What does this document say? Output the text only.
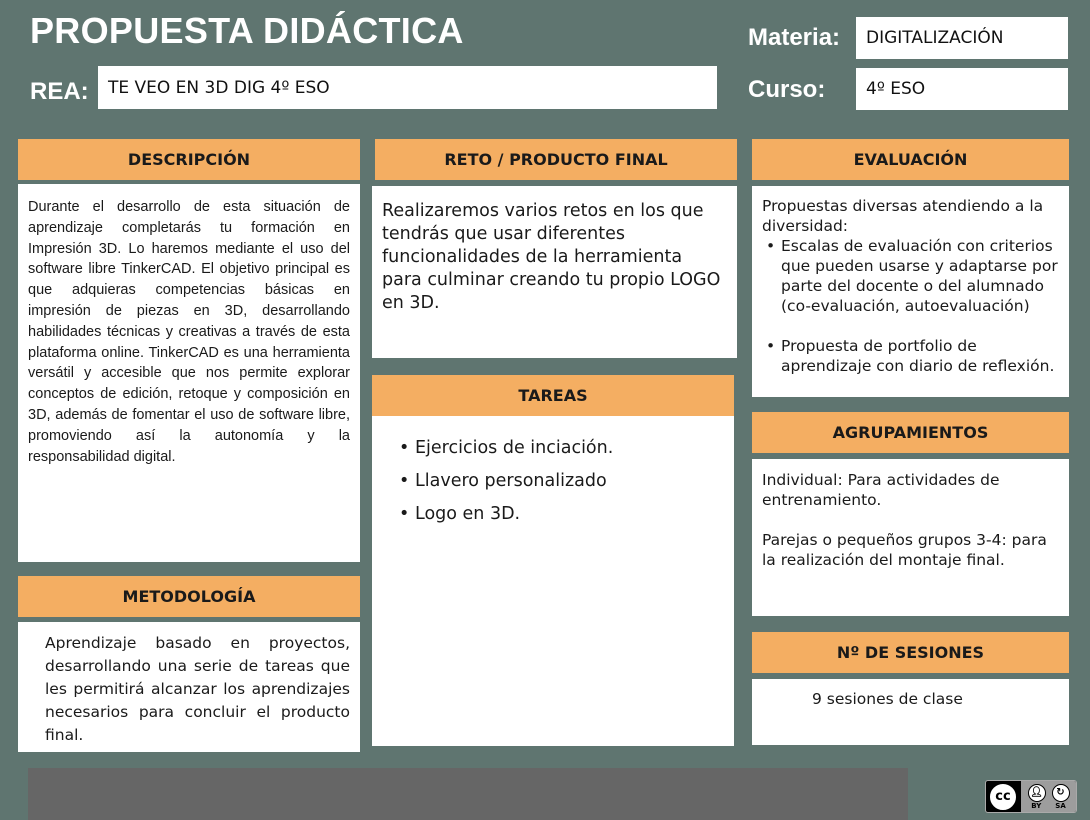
PROPUESTA DIDÁCTICA	Materia:	DIGITALIZACIÓN
REA:	TE VEO EN 3D DIG 4º ESO	Curso:	4º ESO
DESCRIPCIÓN
Durante el desarrollo de esta situación de aprendizaje completarás tu formación en Impresión 3D. Lo haremos mediante el uso del software libre TinkerCAD. El objetivo principal es que adquieras competencias básicas en impresión de piezas en 3D, desarrollando habilidades técnicas y creativas a través de esta plataforma online. TinkerCAD es una herramienta versátil y accesible que nos permite explorar conceptos de edición, retoque y composición en 3D, además de fomentar el uso de software libre, promoviendo así la autonomía y la responsabilidad digital.
METODOLOGÍA
Aprendizaje basado en proyectos, desarrollando una serie de tareas que les permitirá alcanzar los aprendizajes necesarios para concluir el producto final.
RETO / PRODUCTO FINAL
Realizaremos varios retos en los que tendrás que usar diferentes funcionalidades de la herramienta para culminar creando tu propio LOGO en 3D.
TAREAS
• Ejercicios de inciación.
• Llavero personalizado
• Logo en 3D.
EVALUACIÓN
Propuestas diversas atendiendo a la diversidad:
• Escalas de evaluación con criterios que pueden usarse y adaptarse por parte del docente o del alumnado (co-evaluación, autoevaluación)
• Propuesta de portfolio de aprendizaje con diario de reflexión.
AGRUPAMIENTOS
Individual: Para actividades de entrenamiento.
Parejas o pequeños grupos 3-4: para la realización del montaje final.
Nº DE SESIONES
9 sesiones de clase
cc	👤︎	↻
BY SA
